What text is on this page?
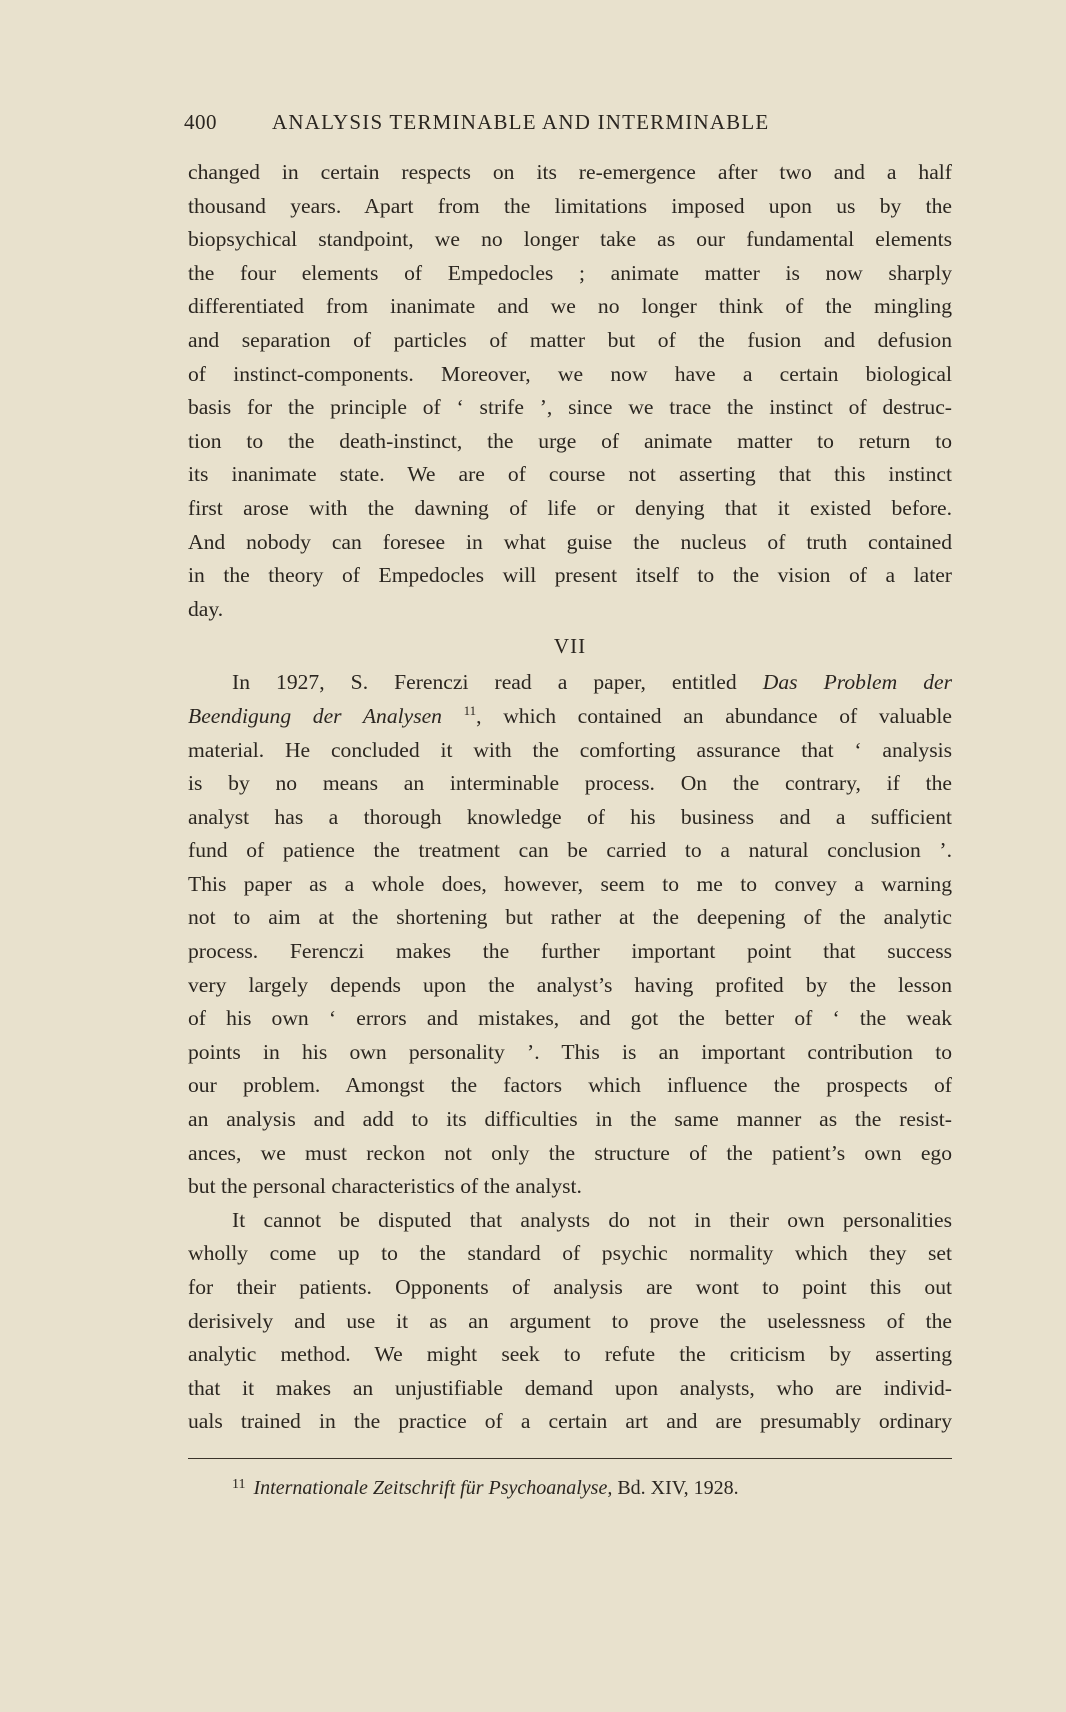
400	ANALYSIS TERMINABLE AND INTERMINABLE
changed in certain respects on its re-emergence after two and a half
thousand years. Apart from the limitations imposed upon us by the
biopsychical standpoint, we no longer take as our fundamental elements
the four elements of Empedocles ; animate matter is now sharply
differentiated from inanimate and we no longer think of the mingling
and separation of particles of matter but of the fusion and defusion
of instinct-components. Moreover, we now have a certain biological
basis for the principle of ‘ strife ’, since we trace the instinct of destruc-
tion to the death-instinct, the urge of animate matter to return to
its inanimate state. We are of course not asserting that this instinct
first arose with the dawning of life or denying that it existed before.
And nobody can foresee in what guise the nucleus of truth contained
in the theory of Empedocles will present itself to the vision of a later
day.
VII
In 1927, S. Ferenczi read a paper, entitled Das Problem der
Beendigung der Analysen $^{11}$, which contained an abundance of valuable
material. He concluded it with the comforting assurance that ‘ analysis
is by no means an interminable process. On the contrary, if the
analyst has a thorough knowledge of his business and a sufficient
fund of patience the treatment can be carried to a natural conclusion ’.
This paper as a whole does, however, seem to me to convey a warning
not to aim at the shortening but rather at the deepening of the analytic
process. Ferenczi makes the further important point that success
very largely depends upon the analyst’s having profited by the lesson
of his own ‘ errors and mistakes, and got the better of ‘ the weak
points in his own personality ’. This is an important contribution to
our problem. Amongst the factors which influence the prospects of
an analysis and add to its difficulties in the same manner as the resist-
ances, we must reckon not only the structure of the patient’s own ego
but the personal characteristics of the analyst.
It cannot be disputed that analysts do not in their own personalities
wholly come up to the standard of psychic normality which they set
for their patients. Opponents of analysis are wont to point this out
derisively and use it as an argument to prove the uselessness of the
analytic method. We might seek to refute the criticism by asserting
that it makes an unjustifiable demand upon analysts, who are individ-
uals trained in the practice of a certain art and are presumably ordinary
$^{11}$ Internationale Zeitschrift für Psychoanalyse, Bd. XIV, 1928.
